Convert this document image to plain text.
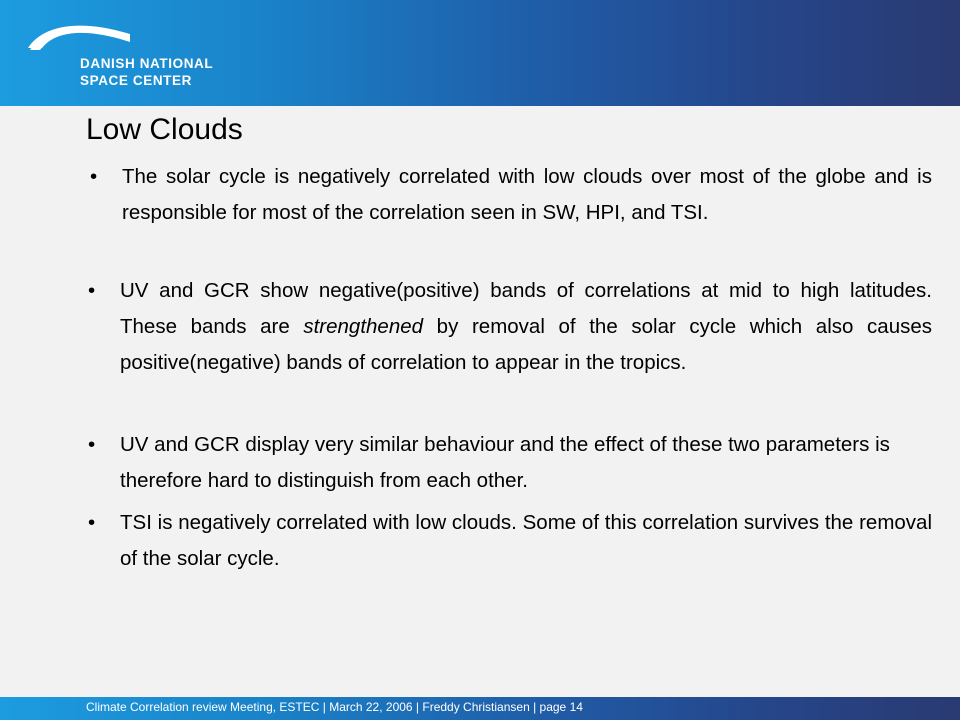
DANISH NATIONAL
SPACE CENTER
Low Clouds
• The solar cycle is negatively correlated with low clouds over most of the globe and is responsible for most of the correlation seen in SW, HPI, and TSI.
• UV and GCR show negative(positive) bands of correlations at mid to high latitudes. These bands are strengthened by removal of the solar cycle which also causes positive(negative) bands of correlation to appear in the tropics.
• UV and GCR display very similar behaviour and the effect of these two parameters is therefore hard to distinguish from each other.
• TSI is negatively correlated with low clouds. Some of this correlation survives the removal of the solar cycle.
Climate Correlation review Meeting, ESTEC | March 22, 2006 | Freddy Christiansen | page 14
